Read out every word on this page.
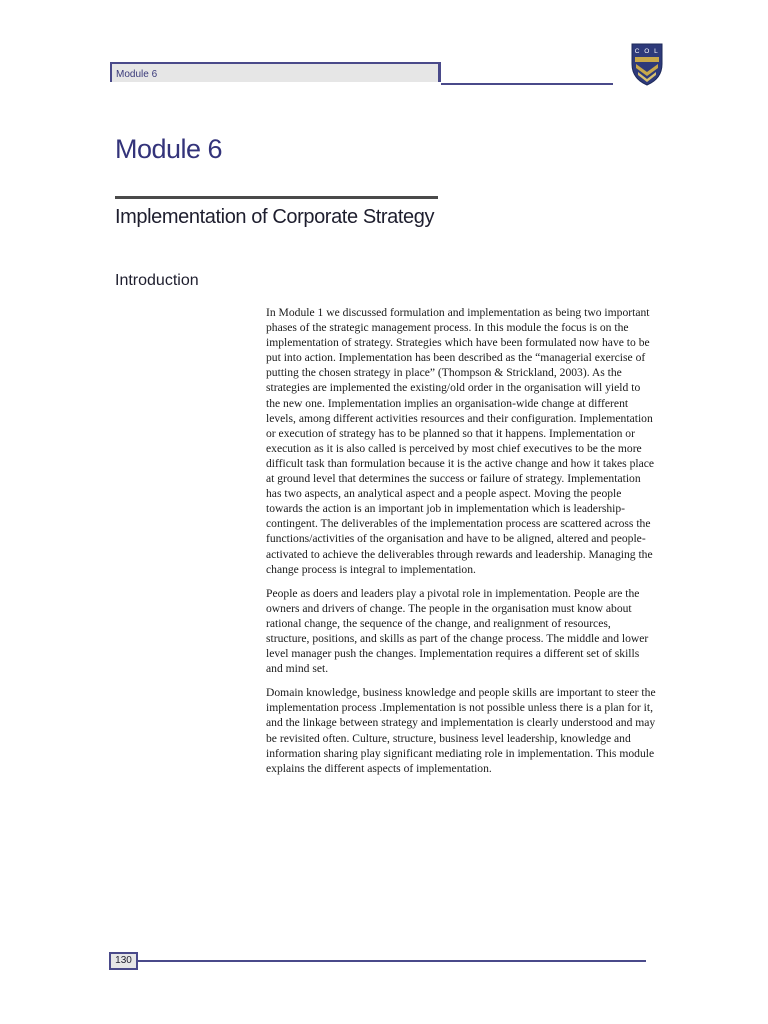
Module 6
C O L
Module 6
Implementation of Corporate Strategy
Introduction

In Module 1 we discussed formulation and implementation as being two important phases of the strategic management process. In this module the focus is on the implementation of strategy. Strategies which have been formulated now have to be put into action. Implementation has been described as the “managerial exercise of putting the chosen strategy in place” (Thompson & Strickland, 2003). As the strategies are implemented the existing/old order in the organisation will yield to the new one. Implementation implies an organisation-wide change at different levels, among different activities resources and their configuration. Implementation or execution of strategy has to be planned so that it happens. Implementation or execution as it is also called is perceived by most chief executives to be the more difficult task than formulation because it is the active change and how it takes place at ground level that determines the success or failure of strategy. Implementation has two aspects, an analytical aspect and a people aspect. Moving the people towards the action is an important job in implementation which is leadership-contingent. The deliverables of the implementation process are scattered across the functions/activities of the organisation and have to be aligned, altered and people-activated to achieve the deliverables through rewards and leadership. Managing the change process is integral to implementation.

People as doers and leaders play a pivotal role in implementation. People are the owners and drivers of change. The people in the organisation must know about rational change, the sequence of the change, and realignment of resources, structure, positions, and skills as part of the change process. The middle and lower level manager push the changes. Implementation requires a different set of skills and mind set.

Domain knowledge, business knowledge and people skills are important to steer the implementation process .Implementation is not possible unless there is a plan for it, and the linkage between strategy and implementation is clearly understood and may be revisited often. Culture, structure, business level leadership, knowledge and information sharing play significant mediating role in implementation. This module explains the different aspects of implementation.

130
